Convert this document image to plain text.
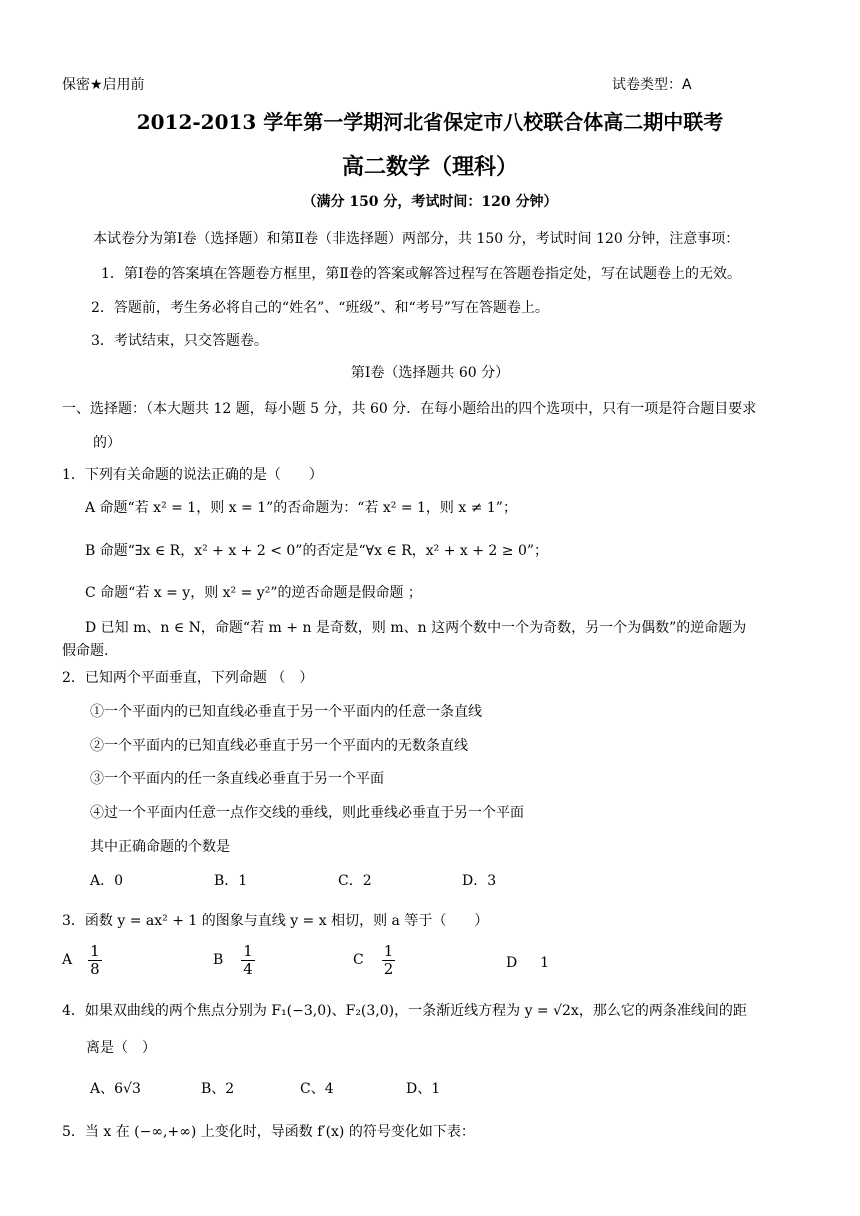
保密★启用前	试卷类型：A
2012-2013 学年第一学期河北省保定市八校联合体高二期中联考
高二数学（理科）
（满分 150 分，考试时间：120 分钟）
本试卷分为第Ⅰ卷（选择题）和第Ⅱ卷（非选择题）两部分，共 150 分，考试时间 120 分钟，注意事项：
1．第Ⅰ卷的答案填在答题卷方框里，第Ⅱ卷的答案或解答过程写在答题卷指定处，写在试题卷上的无效。
2．答题前，考生务必将自己的“姓名”、“班级”、和“考号”写在答题卷上。
3．考试结束，只交答题卷。
第Ⅰ卷（选择题共 60 分）
一、选择题：（本大题共 12 题，每小题 5 分，共 60 分．在每小题给出的四个选项中，只有一项是符合题目要求
的）
1．下列有关命题的说法正确的是（　　）
A 命题“若 x² = 1，则 x = 1”的否命题为：“若 x² = 1，则 x ≠ 1”；
B 命题“∃x ∈ R，x² + x + 2 < 0”的否定是“∀x ∈ R，x² + x + 2 ≥ 0”；
C 命题“若 x = y，则 x² = y²”的逆否命题是假命题 ；
D 已知 m、n ∈ N，命题“若 m + n 是奇数，则 m、n 这两个数中一个为奇数，另一个为偶数”的逆命题为
假命题.
2．已知两个平面垂直，下列命题 （　）
①一个平面内的已知直线必垂直于另一个平面内的任意一条直线
②一个平面内的已知直线必垂直于另一个平面内的无数条直线
③一个平面内的任一条直线必垂直于另一个平面
④过一个平面内任意一点作交线的垂线，则此垂线必垂直于另一个平面
其中正确命题的个数是
A．0	B．1	C．2	D．3
3．函数 y = ax² + 1 的图象与直线 y = x 相切，则 a 等于（　　）
A $\frac{1}{8}$	B $\frac{1}{4}$	C $\frac{1}{2}$	D 1
4．如果双曲线的两个焦点分别为 F₁(−3,0)、F₂(3,0)，一条渐近线方程为 y = √2x，那么它的两条准线间的距
离是（　）
A、6√3	B、2	C、4	D、1
5．当 x 在 (−∞,+∞) 上变化时，导函数 f′(x) 的符号变化如下表：
